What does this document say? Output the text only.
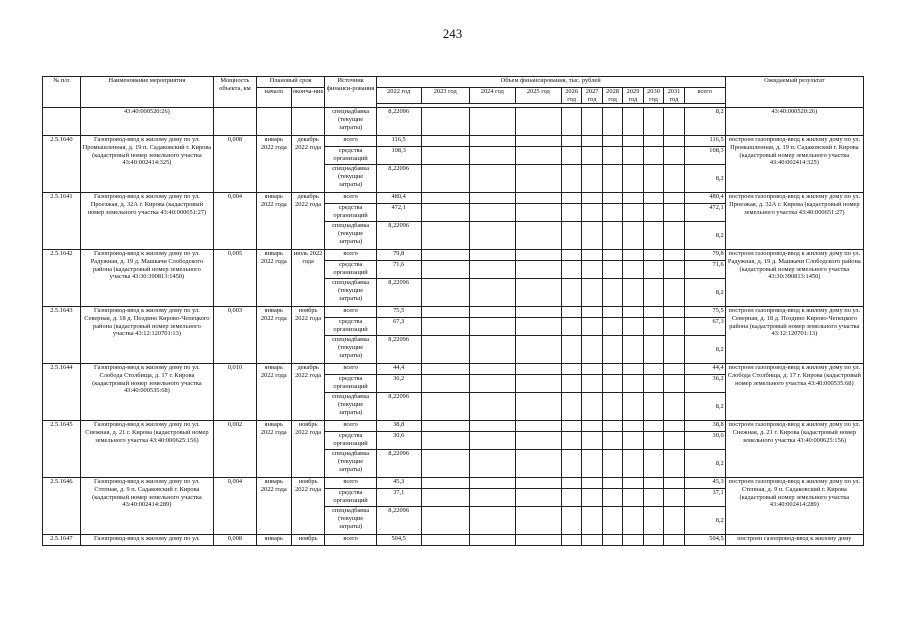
243
№ п/п	Наименование мероприятия	Мощность объекта, км	Плановый срок		Источник финанси-рования	Объем финансирования, тыс. рублей											Ожидаемый результат
			начало	оконча-ние		2022 год	2023 год	2024 год	2025 год	2026 год	2027 год	2028 год	2029 год	2030 год	2031 год	всего	

	43:40:000520:26)				спецнадбавка (текущие затраты)	8,22096										8,2	43:40:000520:26)
2.5.1640	Газопровод-ввод к жилому дому по ул. Промышленная, д. 19 п. Садаковский г. Кирова (кадастровый номер земельного участка 43:40:002414:325)	0,008	январь 2022 года	декабрь 2022 года	всего	116,5										116,5	построен газопровод-ввод к жилому дому по ул. Промышленная, д. 19 п. Садаковский г. Кирова (кадастровый номер земельного участка 43:40:002414:325)
					средства организаций	108,3										108,3	
					спецнадбавка (текущие затраты)	8,22096										8,2	
2.5.1641	Газопровод-ввод к жилому дому по ул. Проезжая, д. 32А г. Кирова (кадастровый номер земельного участка 43:40:000651:27)	0,004	январь 2022 года	декабрь 2022 года	всего	480,4										480,4	построен газопровод-ввод к жилому дому по ул. Проезжая, д. 32А г. Кирова (кадастровый номер земельного участка 43:40:000651:27)
					средства организаций	472,1										472,1	
					спецнадбавка (текущие затраты)	8,22096										8,2	
2.5.1642	Газопровод-ввод к жилому дому по ул. Радужная, д. 19 д. Машкачи Слободского района (кадастровый номер земельного участка 43:30:390813:1450)	0,005	январь 2022 года	июль 2022 года	всего	79,8										79,8	построен газопровод-ввод к жилому дому по ул. Радужная, д. 19 д. Машкачи Слободского района (кадастровый номер земельного участка 43:30:390813:1450)
					средства организаций	71,6										71,6	
					спецнадбавка (текущие затраты)	8,22096										8,2	
2.5.1643	Газопровод-ввод к жилому дому по ул. Северная, д. 18 д. Поздино Кирово-Чепецкого района (кадастровый номер земельного участка 43:12:120701:13)	0,003	январь 2022 года	ноябрь 2022 года	всего	75,5										75,5	построен газопровод-ввод к жилому дому по ул. Северная, д. 18 д. Поздино Кирово-Чепецкого района (кадастровый номер земельного участка 43:12:120701:13)
					средства организаций	67,3										67,3	
					спецнадбавка (текущие затраты)	8,22096										8,2	
2.5.1644	Газопровод-ввод к жилому дому по ул. Слобода Столбища, д. 17 г. Кирова (кадастровый номер земельного участка 43:40:000535:68)	0,010	январь 2022 года	декабрь 2022 года	всего	44,4										44,4	построен газопровод-ввод к жилому дому по ул. Слобода Столбища, д. 17 г. Кирова (кадастровый номер земельного участка 43:40:000535:68)
					средства организаций	36,2										36,2	
					спецнадбавка (текущие затраты)	8,22096										8,2	
2.5.1645	Газопровод-ввод к жилому дому по ул. Снежная, д. 21 г. Кирова (кадастровый номер земельного участка 43:40:000625:156)	0,002	январь 2022 года	ноябрь 2022 года	всего	38,8										38,8	построен газопровод-ввод к жилому дому по ул. Снежная, д. 21 г. Кирова (кадастровый номер земельного участка 43:40:000625:156)
					средства организаций	30,6										30,6	
					спецнадбавка (текущие затраты)	8,22096										8,2	
2.5.1646	Газопровод-ввод к жилому дому по ул. Степная, д. 9 п. Садаковский г. Кирова (кадастровый номер земельного участка 43:40:002414:289)	0,004	январь 2022 года	ноябрь 2022 года	всего	45,3										45,3	построен газопровод-ввод к жилому дому по ул. Степная, д. 9 п. Садаковский г. Кирова (кадастровый номер земельного участка 43:40:002414:289)
					средства организаций	37,1										37,1	
					спецнадбавка (текущие затраты)	8,22096										8,2	
2.5.1647	Газопровод-ввод к жилому дому по ул.	0,008	январь	ноябрь	всего	504,5										504,5	построен газопровод-ввод к жилому дому
